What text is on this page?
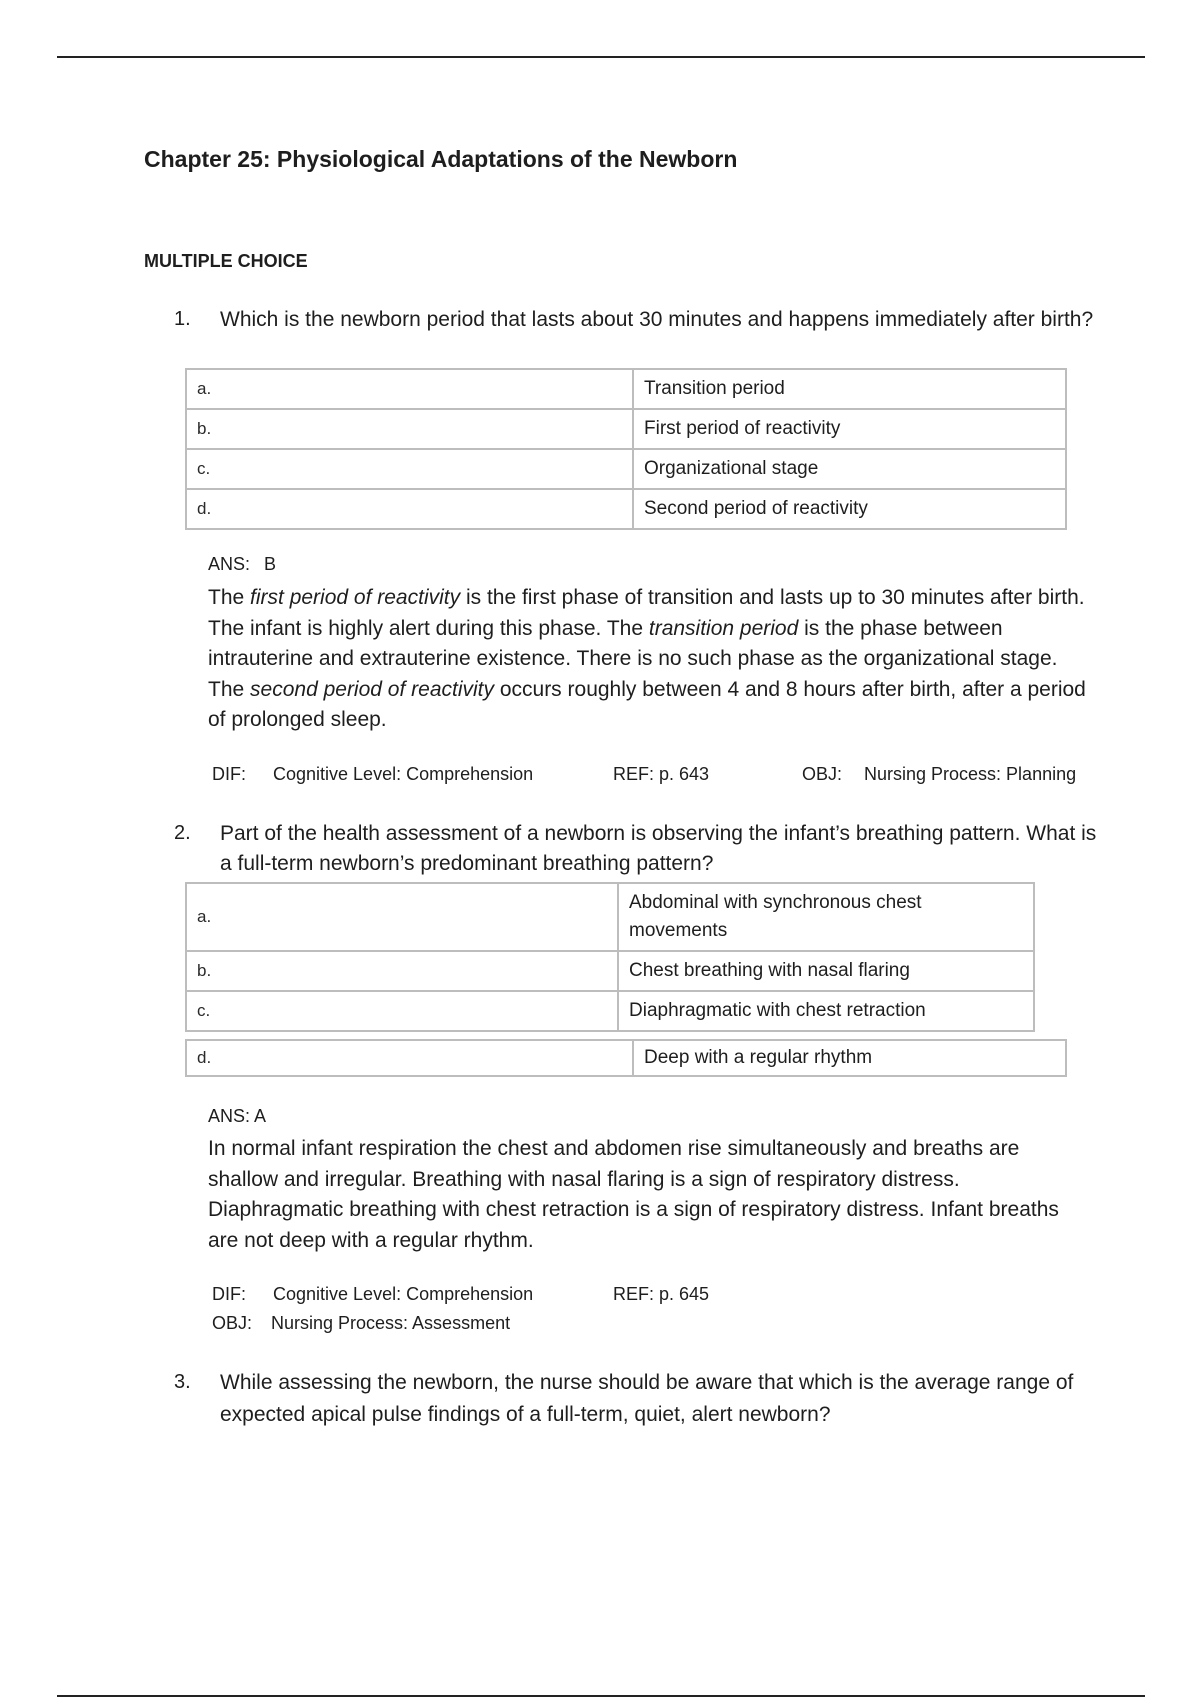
Chapter 25: Physiological Adaptations of the Newborn
MULTIPLE CHOICE
1. Which is the newborn period that lasts about 30 minutes and happens immediately after birth?
a.	Transition period
b.	First period of reactivity
c.	Organizational stage
d.	Second period of reactivity
ANS: B
The first period of reactivity is the first phase of transition and lasts up to 30 minutes after birth. The infant is highly alert during this phase. The transition period is the phase between intrauterine and extrauterine existence. There is no such phase as the organizational stage. The second period of reactivity occurs roughly between 4 and 8 hours after birth, after a period of prolonged sleep.
DIF: Cognitive Level: Comprehension	REF: p. 643	OBJ: Nursing Process: Planning
2. Part of the health assessment of a newborn is observing the infant’s breathing pattern. What is a full-term newborn’s predominant breathing pattern?
a.	Abdominal with synchronous chest movements
b.	Chest breathing with nasal flaring
c.	Diaphragmatic with chest retraction
d.	Deep with a regular rhythm
ANS: A
In normal infant respiration the chest and abdomen rise simultaneously and breaths are shallow and irregular. Breathing with nasal flaring is a sign of respiratory distress. Diaphragmatic breathing with chest retraction is a sign of respiratory distress. Infant breaths are not deep with a regular rhythm.
DIF: Cognitive Level: Comprehension	REF: p. 645
OBJ: Nursing Process: Assessment
3. While assessing the newborn, the nurse should be aware that which is the average range of expected apical pulse findings of a full-term, quiet, alert newborn?
